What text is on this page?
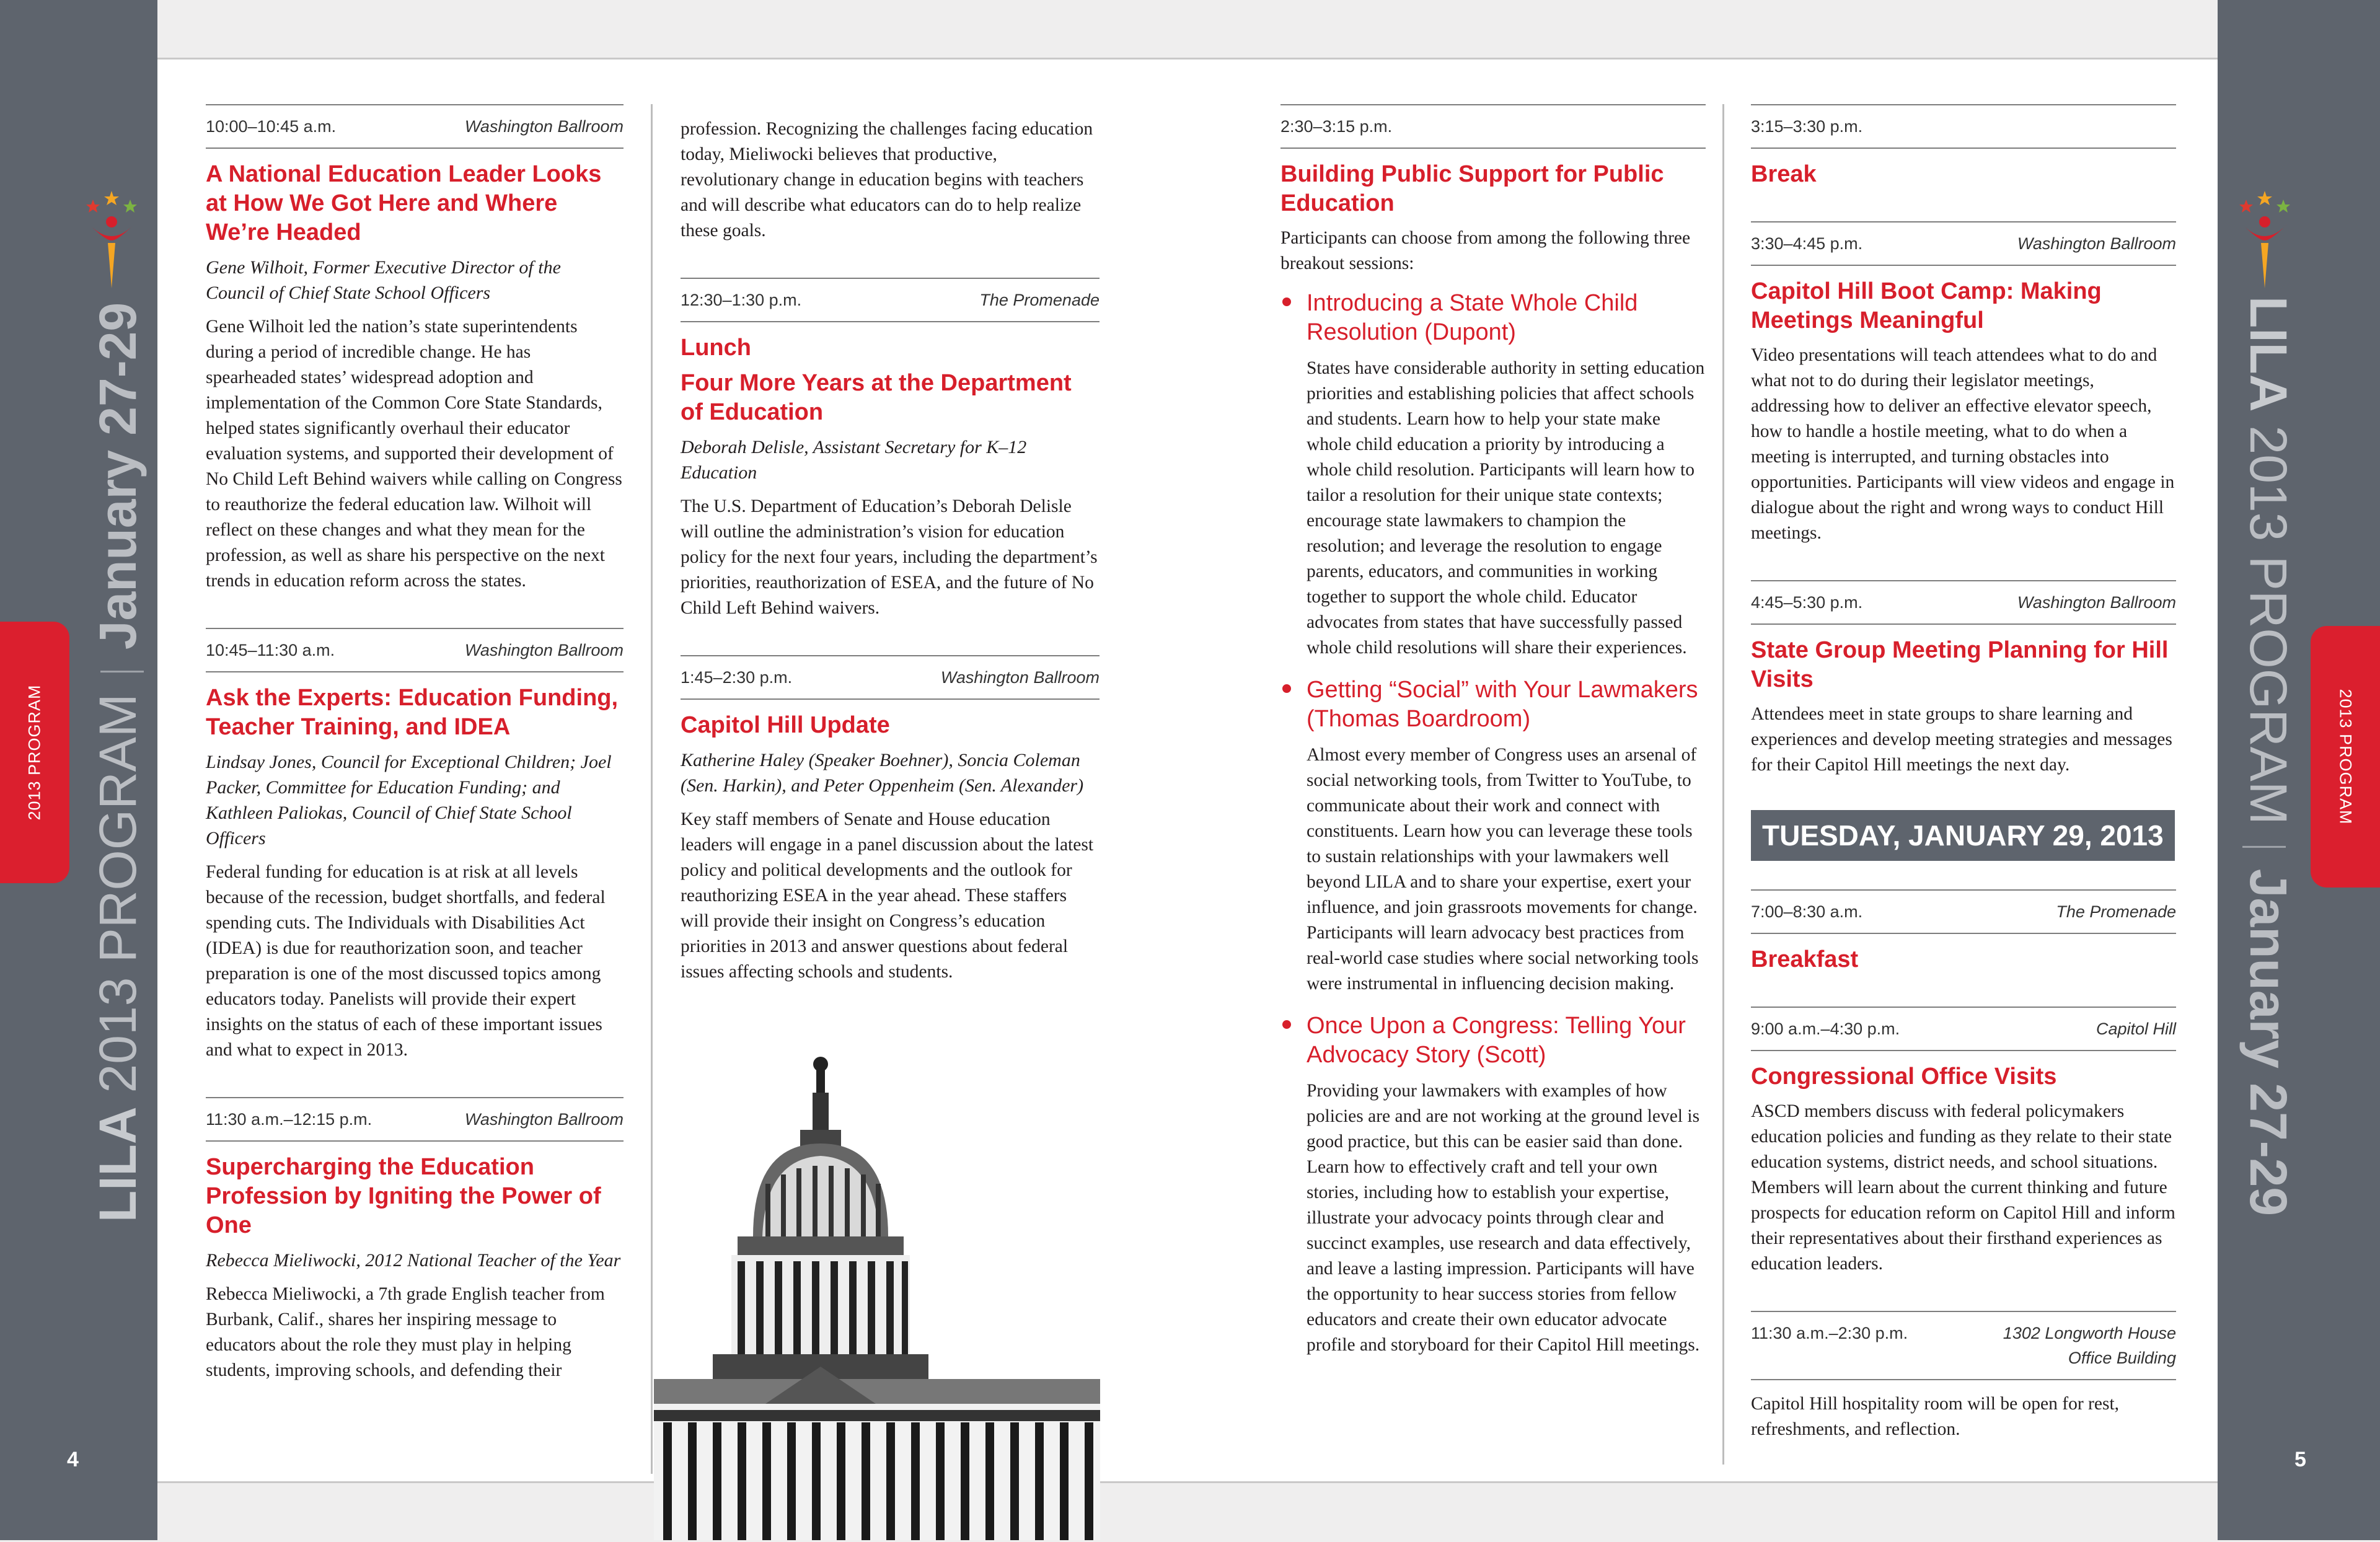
LILA2013 PROGRAMJanuary 27-29
2013 PROGRAM
4
LILA2013 PROGRAMJanuary 27-29
2013 PROGRAM
5
10:00–10:45 a.m.	Washington Ballroom
A National Education Leader Looks at How We Got Here and Where We’re Headed

Gene Wilhoit, Former Executive Director of the Council of Chief State School Officers

Gene Wilhoit led the nation’s state superintendents during a period of incredible change. He has spearheaded states’ widespread adoption and implementation of the Common Core State Standards, helped states significantly overhaul their educator evaluation systems, and supported their development of No Child Left Behind waivers while calling on Congress to reauthorize the federal education law. Wilhoit will reflect on these changes and what they mean for the profession, as well as share his perspective on the next trends in education reform across the states.

10:45–11:30 a.m.	Washington Ballroom
Ask the Experts: Education Funding, Teacher Training, and IDEA

Lindsay Jones, Council for Exceptional Children; Joel Packer, Committee for Education Funding; and Kathleen Paliokas, Council of Chief State School Officers

Federal funding for education is at risk at all levels because of the recession, budget shortfalls, and federal spending cuts. The Individuals with Disabilities Act (IDEA) is due for reauthorization soon, and teacher preparation is one of the most discussed topics among educators today. Panelists will provide their expert insights on the status of each of these important issues and what to expect in 2013.

11:30 a.m.–12:15 p.m.	Washington Ballroom
Supercharging the Education Profession by Igniting the Power of One

Rebecca Mieliwocki, 2012 National Teacher of the Year

Rebecca Mieliwocki, a 7th grade English teacher from Burbank, Calif., shares her inspiring message to educators about the role they must play in helping students, improving schools, and defending their

profession. Recognizing the challenges facing education today, Mieliwocki believes that productive, revolutionary change in education begins with teachers and will describe what educators can do to help realize these goals.

12:30–1:30 p.m.	The Promenade
Lunch
Four More Years at the Department of Education

Deborah Delisle, Assistant Secretary for K–12 Education

The U.S. Department of Education’s Deborah Delisle will outline the administration’s vision for education policy for the next four years, including the department’s priorities, reauthorization of ESEA, and the future of No Child Left Behind waivers.

1:45–2:30 p.m.	Washington Ballroom
Capitol Hill Update

Katherine Haley (Speaker Boehner), Soncia Coleman (Sen. Harkin), and Peter Oppenheim (Sen. Alexander)

Key staff members of Senate and House education leaders will engage in a panel discussion about the latest policy and political developments and the outlook for reauthorizing ESEA in the year ahead. These staffers will provide their insight on Congress’s education priorities in 2013 and answer questions about federal issues affecting schools and students.

2:30–3:15 p.m.
Building Public Support for Public Education

Participants can choose from among the following three breakout sessions:

Introducing a State Whole Child Resolution (Dupont)

States have considerable authority in setting education priorities and establishing policies that affect schools and students. Learn how to help your state make whole child education a priority by introducing a whole child resolution. Participants will learn how to tailor a resolution for their unique state contexts; encourage state lawmakers to champion the resolution; and leverage the resolution to engage parents, educators, and communities in working together to support the whole child. Educator advocates from states that have successfully passed whole child resolutions will share their experiences.

Getting “Social” with Your Lawmakers (Thomas Boardroom)

Almost every member of Congress uses an arsenal of social networking tools, from Twitter to YouTube, to communicate about their work and connect with constituents. Learn how you can leverage these tools to sustain relationships with your lawmakers well beyond LILA and to share your expertise, exert your influence, and join grassroots movements for change. Participants will learn advocacy best practices from real-world case studies where social networking tools were instrumental in influencing decision making.

Once Upon a Congress: Telling Your Advocacy Story (Scott)

Providing your lawmakers with examples of how policies are and are not working at the ground level is good practice, but this can be easier said than done. Learn how to effectively craft and tell your own stories, including how to establish your expertise, illustrate your advocacy points through clear and succinct examples, use research and data effectively, and leave a lasting impression. Participants will have the opportunity to hear success stories from fellow educators and create their own educator advocate profile and storyboard for their Capitol Hill meetings.

3:15–3:30 p.m.
Break
3:30–4:45 p.m.	Washington Ballroom
Capitol Hill Boot Camp: Making Meetings Meaningful

Video presentations will teach attendees what to do and what not to do during their legislator meetings, addressing how to deliver an effective elevator speech, how to handle a hostile meeting, what to do when a meeting is interrupted, and turning obstacles into opportunities. Participants will view videos and engage in dialogue about the right and wrong ways to conduct Hill meetings.

4:45–5:30 p.m.	Washington Ballroom
State Group Meeting Planning for Hill Visits

Attendees meet in state groups to share learning and experiences and develop meeting strategies and messages for their Capitol Hill meetings the next day.

TUESDAY, JANUARY 29, 2013
7:00–8:30 a.m.	The Promenade
Breakfast
9:00 a.m.–4:30 p.m.	Capitol Hill
Congressional Office Visits

ASCD members discuss with federal policymakers education policies and funding as they relate to their state education systems, district needs, and school situations. Members will learn about the current thinking and future prospects for education reform on Capitol Hill and inform their representatives about their firsthand experiences as education leaders.

11:30 a.m.–2:30 p.m.	1302 Longworth House
Office Building

Capitol Hill hospitality room will be open for rest, refreshments, and reflection.
